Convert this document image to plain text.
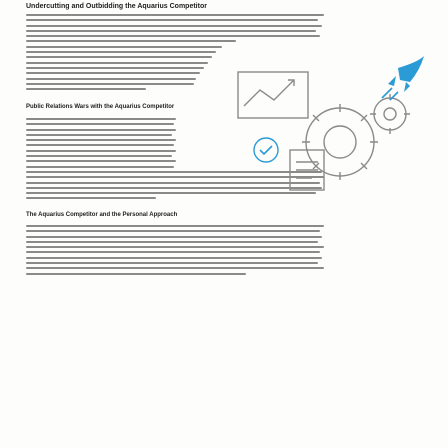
Undercutting and Outbidding the Aquarius Competitor
Public Relations Wars with the Aquarius Competitor
The Aquarius Competitor and the Personal Approach
